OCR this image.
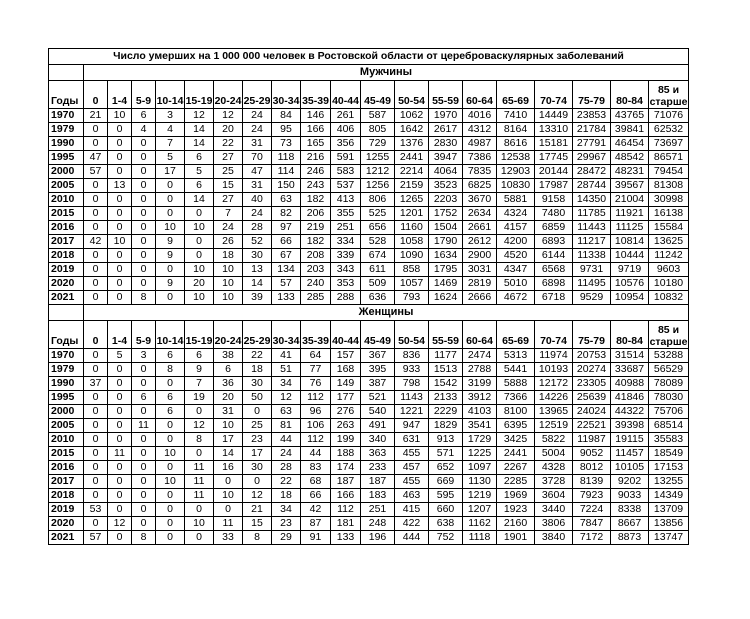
Число умерших на 1 000 000 человек в Ростовской области от цереброваскулярных заболеваний																			
	Мужчины																		
Годы	0	1-4	5-9	10-14	15-19	20-24	25-29	30-34	35-39	40-44	45-49	50-54	55-59	60-64	65-69	70-74	75-79	80-84	85 и старше
1970	21	10	6	3	12	12	24	84	146	261	587	1062	1970	4016	7410	14449	23853	43765	71076
1979	0	0	4	4	14	20	24	95	166	406	805	1642	2617	4312	8164	13310	21784	39841	62532
1990	0	0	0	7	14	22	31	73	165	356	729	1376	2830	4987	8616	15181	27791	46454	73697
1995	47	0	0	5	6	27	70	118	216	591	1255	2441	3947	7386	12538	17745	29967	48542	86571
2000	57	0	0	17	5	25	47	114	246	583	1212	2214	4064	7835	12903	20144	28472	48231	79454
2005	0	13	0	0	6	15	31	150	243	537	1256	2159	3523	6825	10830	17987	28744	39567	81308
2010	0	0	0	0	14	27	40	63	182	413	806	1265	2203	3670	5881	9158	14350	21004	30998
2015	0	0	0	0	0	7	24	82	206	355	525	1201	1752	2634	4324	7480	11785	11921	16138
2016	0	0	0	10	10	24	28	97	219	251	656	1160	1504	2661	4157	6859	11443	11125	15584
2017	42	10	0	9	0	26	52	66	182	334	528	1058	1790	2612	4200	6893	11217	10814	13625
2018	0	0	0	9	0	18	30	67	208	339	674	1090	1634	2900	4520	6144	11338	10444	11242
2019	0	0	0	0	10	10	13	134	203	343	611	858	1795	3031	4347	6568	9731	9719	9603
2020	0	0	0	9	20	10	14	57	240	353	509	1057	1469	2819	5010	6898	11495	10576	10180
2021	0	0	8	0	10	10	39	133	285	288	636	793	1624	2666	4672	6718	9529	10954	10832
	Женщины																		
Годы	0	1-4	5-9	10-14	15-19	20-24	25-29	30-34	35-39	40-44	45-49	50-54	55-59	60-64	65-69	70-74	75-79	80-84	85 и старше
1970	0	5	3	6	6	38	22	41	64	157	367	836	1177	2474	5313	11974	20753	31514	53288
1979	0	0	0	8	9	6	18	51	77	168	395	933	1513	2788	5441	10193	20274	33687	56529
1990	37	0	0	0	7	36	30	34	76	149	387	798	1542	3199	5888	12172	23305	40988	78089
1995	0	0	6	6	19	20	50	12	112	177	521	1143	2133	3912	7366	14226	25639	41846	78030
2000	0	0	0	6	0	31	0	63	96	276	540	1221	2229	4103	8100	13965	24024	44322	75706
2005	0	0	11	0	12	10	25	81	106	263	491	947	1829	3541	6395	12519	22521	39398	68514
2010	0	0	0	0	8	17	23	44	112	199	340	631	913	1729	3425	5822	11987	19115	35583
2015	0	11	0	10	0	14	17	24	44	188	363	455	571	1225	2441	5004	9052	11457	18549
2016	0	0	0	0	11	16	30	28	83	174	233	457	652	1097	2267	4328	8012	10105	17153
2017	0	0	0	10	11	0	0	22	68	187	187	455	669	1130	2285	3728	8139	9202	13255
2018	0	0	0	0	11	10	12	18	66	166	183	463	595	1219	1969	3604	7923	9033	14349
2019	53	0	0	0	0	0	21	34	42	112	251	415	660	1207	1923	3440	7224	8338	13709
2020	0	12	0	0	10	11	15	23	87	181	248	422	638	1162	2160	3806	7847	8667	13856
2021	57	0	8	0	0	33	8	29	91	133	196	444	752	1118	1901	3840	7172	8873	13747
